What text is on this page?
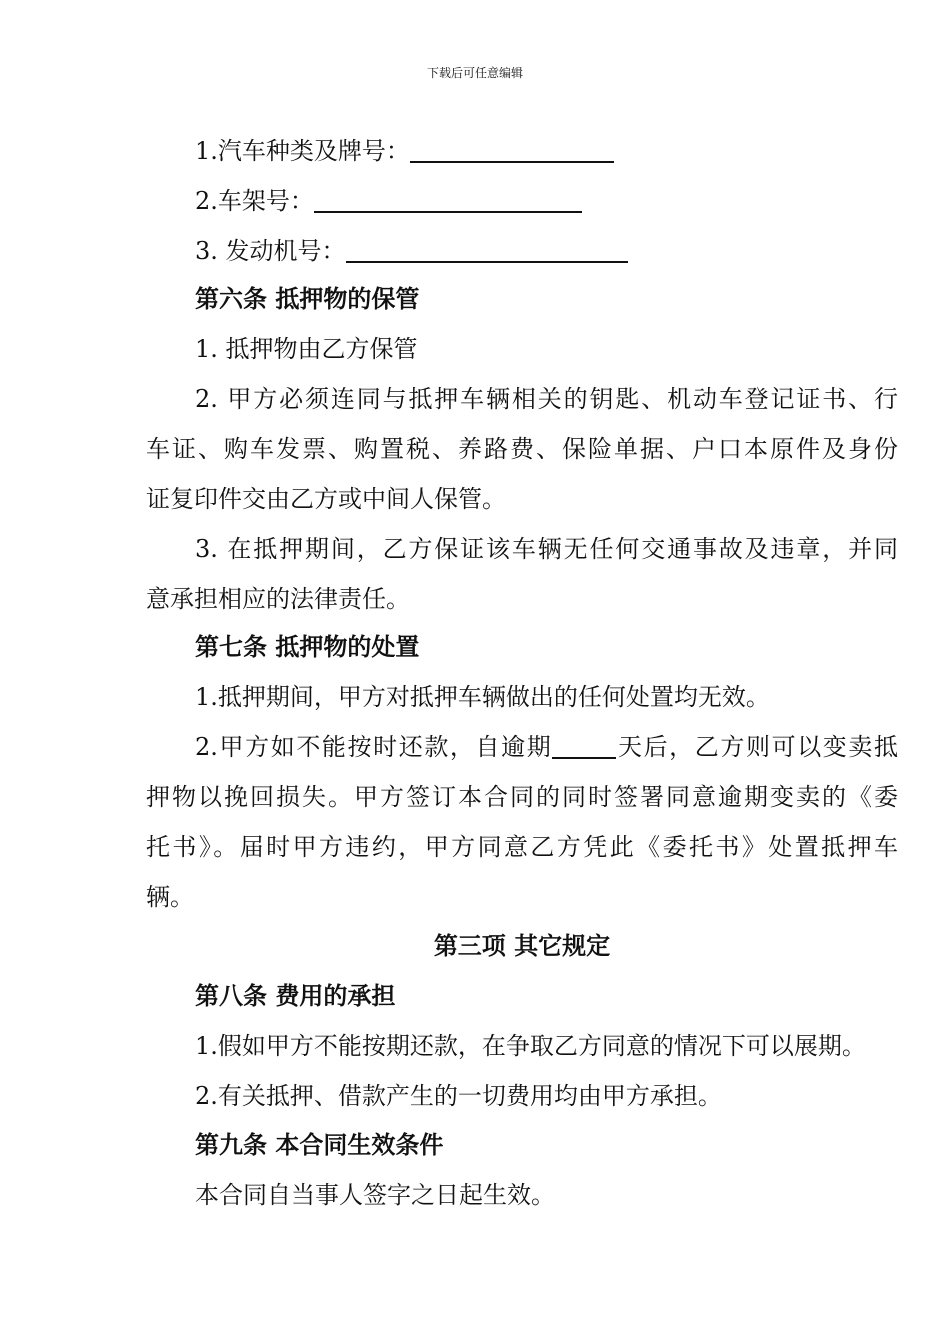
下载后可任意编辑
1.汽车种类及牌号：
2.车架号：
3. 发动机号：
第六条 抵押物的保管
1. 抵押物由乙方保管
2. 甲方必须连同与抵押车辆相关的钥匙、机动车登记证书、行
车证、购车发票、购置税、养路费、保险单据、户口本原件及身份
证复印件交由乙方或中间人保管。
3. 在抵押期间，乙方保证该车辆无任何交通事故及违章，并同
意承担相应的法律责任。
第七条 抵押物的处置
1.抵押期间，甲方对抵押车辆做出的任何处置均无效。
2.甲方如不能按时还款，自逾期	天后，乙方则可以变卖抵
押物以挽回损失。甲方签订本合同的同时签署同意逾期变卖的《委
托书》。届时甲方违约，甲方同意乙方凭此《委托书》处置抵押车
辆。
第三项 其它规定
第八条 费用的承担
1.假如甲方不能按期还款，在争取乙方同意的情况下可以展期。
2.有关抵押、借款产生的一切费用均由甲方承担。
第九条 本合同生效条件
本合同自当事人签字之日起生效。
